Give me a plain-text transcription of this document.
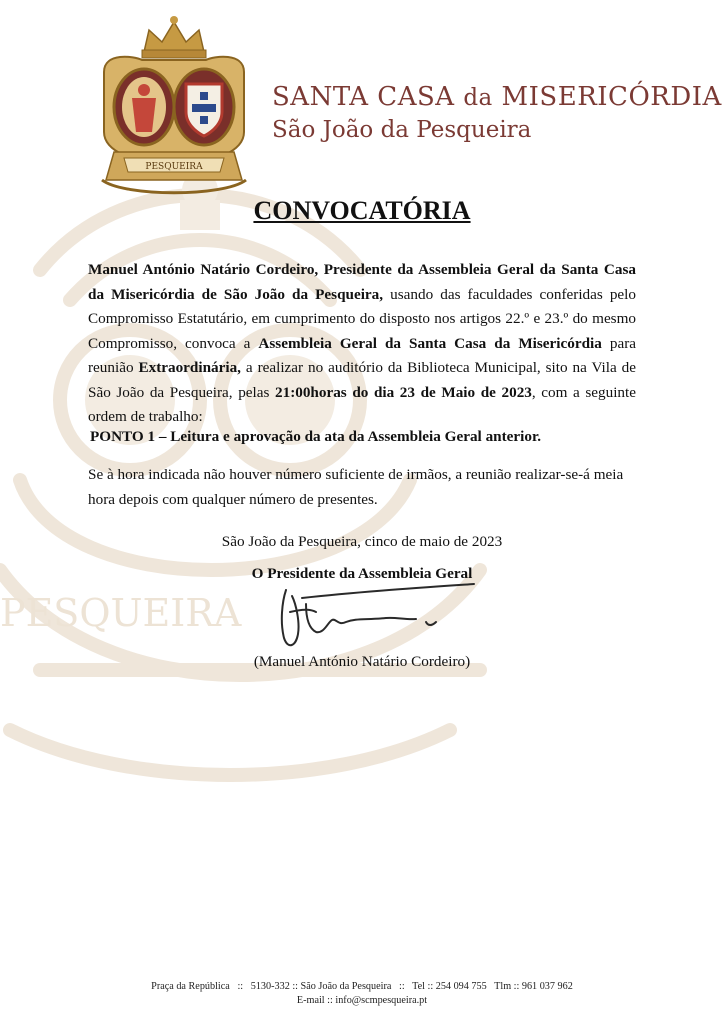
PESQUEIRA
PESQUEIRA
SANTA CASA da MISERICÓRDIA
São João da Pesqueira
CONVOCATÓRIA
Manuel António Natário Cordeiro, Presidente da Assembleia Geral da Santa Casa da Misericórdia de São João da Pesqueira, usando das faculdades conferidas pelo Compromisso Estatutário, em cumprimento do disposto nos artigos 22.º e 23.º do mesmo Compromisso, convoca a Assembleia Geral da Santa Casa da Misericórdia para reunião Extraordinária, a realizar no auditório da Biblioteca Municipal, sito na Vila de São João da Pesqueira, pelas 21:00horas do dia 23 de Maio de 2023, com a seguinte ordem de trabalho:
PONTO 1 – Leitura e aprovação da ata da Assembleia Geral anterior.
Se à hora indicada não houver número suficiente de irmãos, a reunião realizar-se-á meia hora depois com qualquer número de presentes.
São João da Pesqueira, cinco de maio de 2023
O Presidente da Assembleia Geral
(Manuel António Natário Cordeiro)
Praça da República   ::   5130-332 :: São João da Pesqueira   ::   Tel :: 254 094 755   Tlm :: 961 037 962
E-mail :: info@scmpesqueira.pt
